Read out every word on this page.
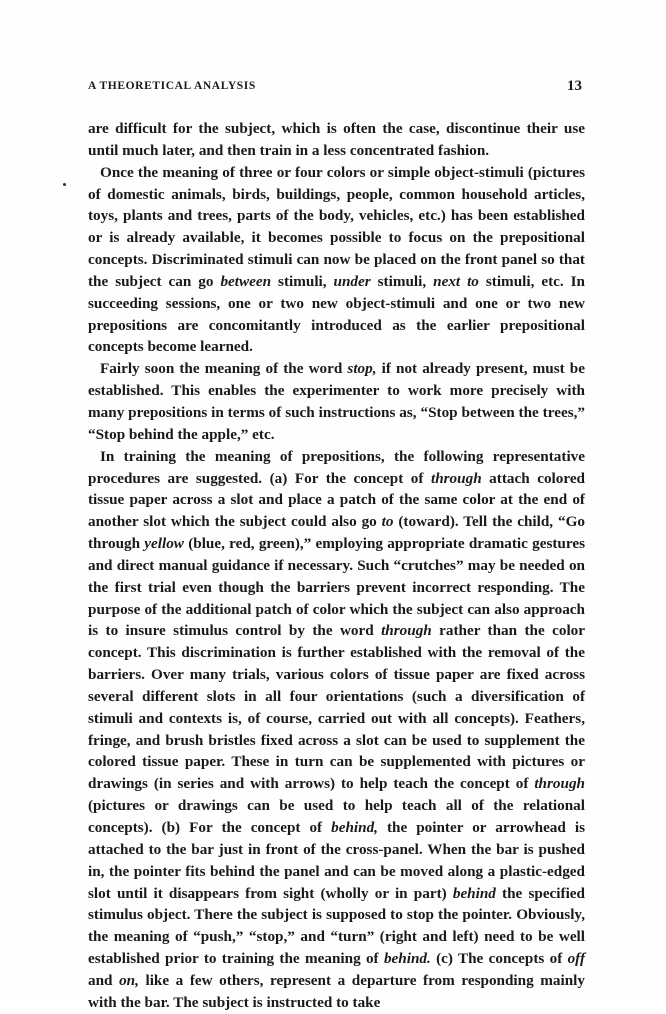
A THEORETICAL ANALYSIS	13

are difficult for the subject, which is often the case, discontinue their use until much later, and then train in a less concentrated fashion.

Once the meaning of three or four colors or simple object-stimuli (pictures of domestic animals, birds, buildings, people, common household articles, toys, plants and trees, parts of the body, vehicles, etc.) has been established or is already available, it becomes possible to focus on the prepositional concepts. Discriminated stimuli can now be placed on the front panel so that the subject can go between stimuli, under stimuli, next to stimuli, etc. In succeeding sessions, one or two new object-stimuli and one or two new prepositions are concomitantly introduced as the earlier prepositional concepts become learned.

Fairly soon the meaning of the word stop, if not already present, must be established. This enables the experimenter to work more precisely with many prepositions in terms of such instructions as, “Stop between the trees,” “Stop behind the apple,” etc.

In training the meaning of prepositions, the following representative procedures are suggested. (a) For the concept of through attach colored tissue paper across a slot and place a patch of the same color at the end of another slot which the subject could also go to (toward). Tell the child, “Go through yellow (blue, red, green),” employing appropriate dramatic gestures and direct manual guidance if necessary. Such “crutches” may be needed on the first trial even though the barriers prevent incorrect responding. The purpose of the additional patch of color which the subject can also approach is to insure stimulus control by the word through rather than the color concept. This discrimination is further established with the removal of the barriers. Over many trials, various colors of tissue paper are fixed across several different slots in all four orientations (such a diversification of stimuli and contexts is, of course, carried out with all concepts). Feathers, fringe, and brush bristles fixed across a slot can be used to supplement the colored tissue paper. These in turn can be supplemented with pictures or drawings (in series and with arrows) to help teach the concept of through (pictures or drawings can be used to help teach all of the relational concepts). (b) For the concept of behind, the pointer or arrowhead is attached to the bar just in front of the cross-panel. When the bar is pushed in, the pointer fits behind the panel and can be moved along a plastic-edged slot until it disappears from sight (wholly or in part) behind the specified stimulus object. There the subject is supposed to stop the pointer. Obviously, the meaning of “push,” “stop,” and “turn” (right and left) need to be well established prior to training the meaning of behind. (c) The concepts of off and on, like a few others, represent a departure from responding mainly with the bar. The subject is instructed to take
